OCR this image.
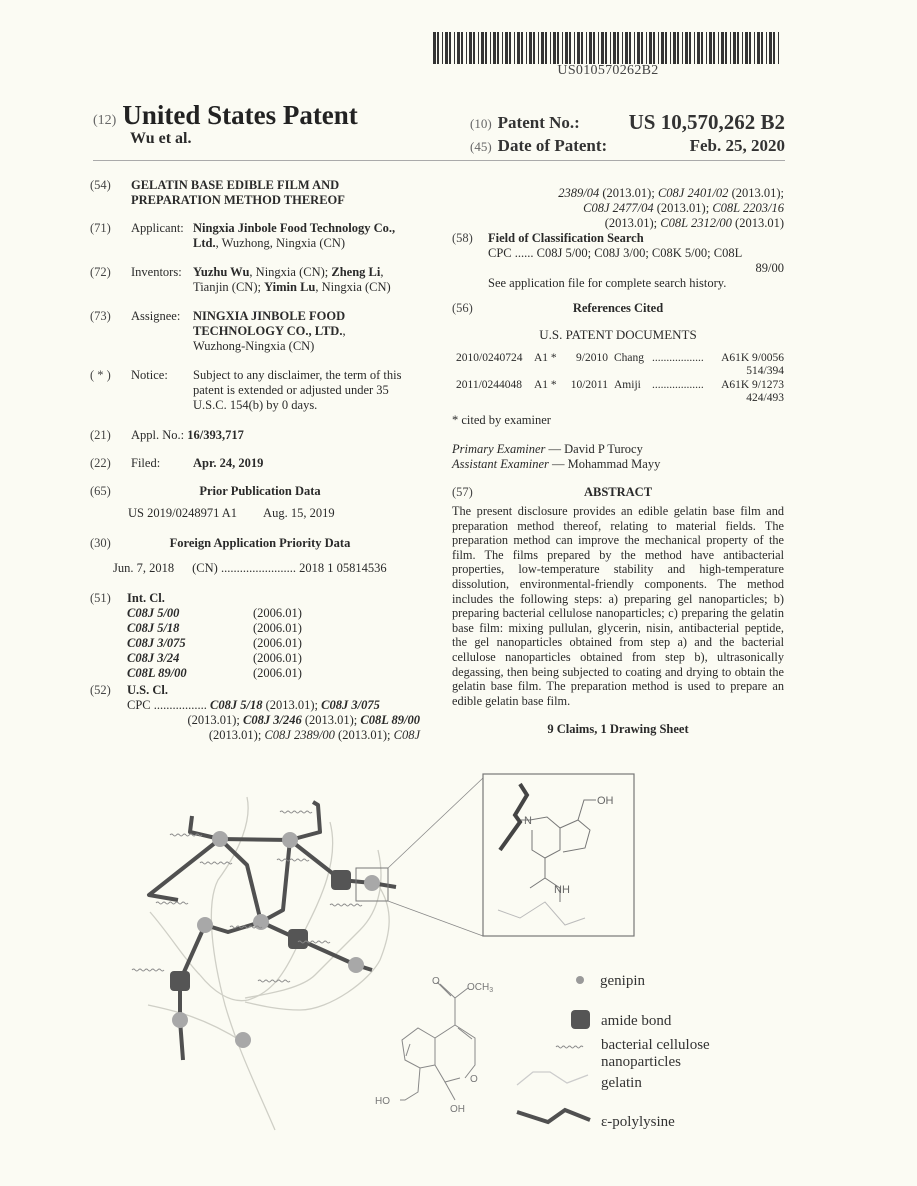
US010570262B2
(12) United States Patent
Wu et al.
(10) Patent No.: US 10,570,262 B2
(45) Date of Patent:	Feb. 25, 2020
(54) GELATIN BASE EDIBLE FILM AND
PREPARATION METHOD THEREOF
(71) Applicant: Ningxia Jinbole Food Technology Co.,
Ltd., Wuzhong, Ningxia (CN)
(72) Inventors: Yuzhu Wu, Ningxia (CN); Zheng Li,
Tianjin (CN); Yimin Lu, Ningxia (CN)
(73) Assignee: NINGXIA JINBOLE FOOD
TECHNOLOGY CO., LTD.,
Wuzhong-Ningxia (CN)
( * ) Notice: Subject to any disclaimer, the term of this
patent is extended or adjusted under 35
U.S.C. 154(b) by 0 days.
(21) Appl. No.: 16/393,717
(22) Filed:	Apr. 24, 2019
(65)	Prior Publication Data
US 2019/0248971 A1 Aug. 15, 2019
(30)	Foreign Application Priority Data
Jun. 7, 2018 (CN) ........................ 2018 1 05814536
(51) Int. Cl.
C08J 5/00	(2006.01)
C08J 5/18	(2006.01)
C08J 3/075	(2006.01)
C08J 3/24	(2006.01)
C08L 89/00	(2006.01)
(52) U.S. Cl.
CPC ................. C08J 5/18 (2013.01); C08J 3/075
(2013.01); C08J 3/246 (2013.01); C08L 89/00
(2013.01); C08J 2389/00 (2013.01); C08J
2389/04 (2013.01); C08J 2401/02 (2013.01);
C08J 2477/04 (2013.01); C08L 2203/16
(2013.01); C08L 2312/00 (2013.01)
(58) Field of Classification Search
CPC ...... C08J 5/00; C08J 3/00; C08K 5/00; C08L
89/00
See application file for complete search history.
(56)	References Cited
U.S. PATENT DOCUMENTS
2010/0240724 A1 *	9/2010 Chang .................. A61K 9/0056
514/394
2011/0244048 A1 * 10/2011 Amiji .................. A61K 9/1273
424/493
* cited by examiner
Primary Examiner — David P Turocy
Assistant Examiner — Mohammad Mayy
(57)	ABSTRACT
The present disclosure provides an edible gelatin base film and preparation method thereof, relating to material fields. The preparation method can improve the mechanical property of the film. The films prepared by the method have antibacterial properties, low-temperature stability and high-temperature dissolution, environmental-friendly components. The method includes the following steps: a) preparing gel nanoparticles; b) preparing bacterial cellulose nanoparticles; c) preparing the gelatin base film: mixing pullulan, glycerin, nisin, antibacterial peptide, the gel nanoparticles obtained from step a) and the bacterial cellulose nanoparticles obtained from step b), ultrasonically degassing, then being subjected to coating and drying to obtain the gelatin base film. The preparation method is used to prepare an edible gelatin base film.
9 Claims, 1 Drawing Sheet
OH
N
NH
O
$OCH_3$
O
HO
OH
genipin
amide bond
bacterial cellulose
nanoparticles
gelatin
ε-polylysine
